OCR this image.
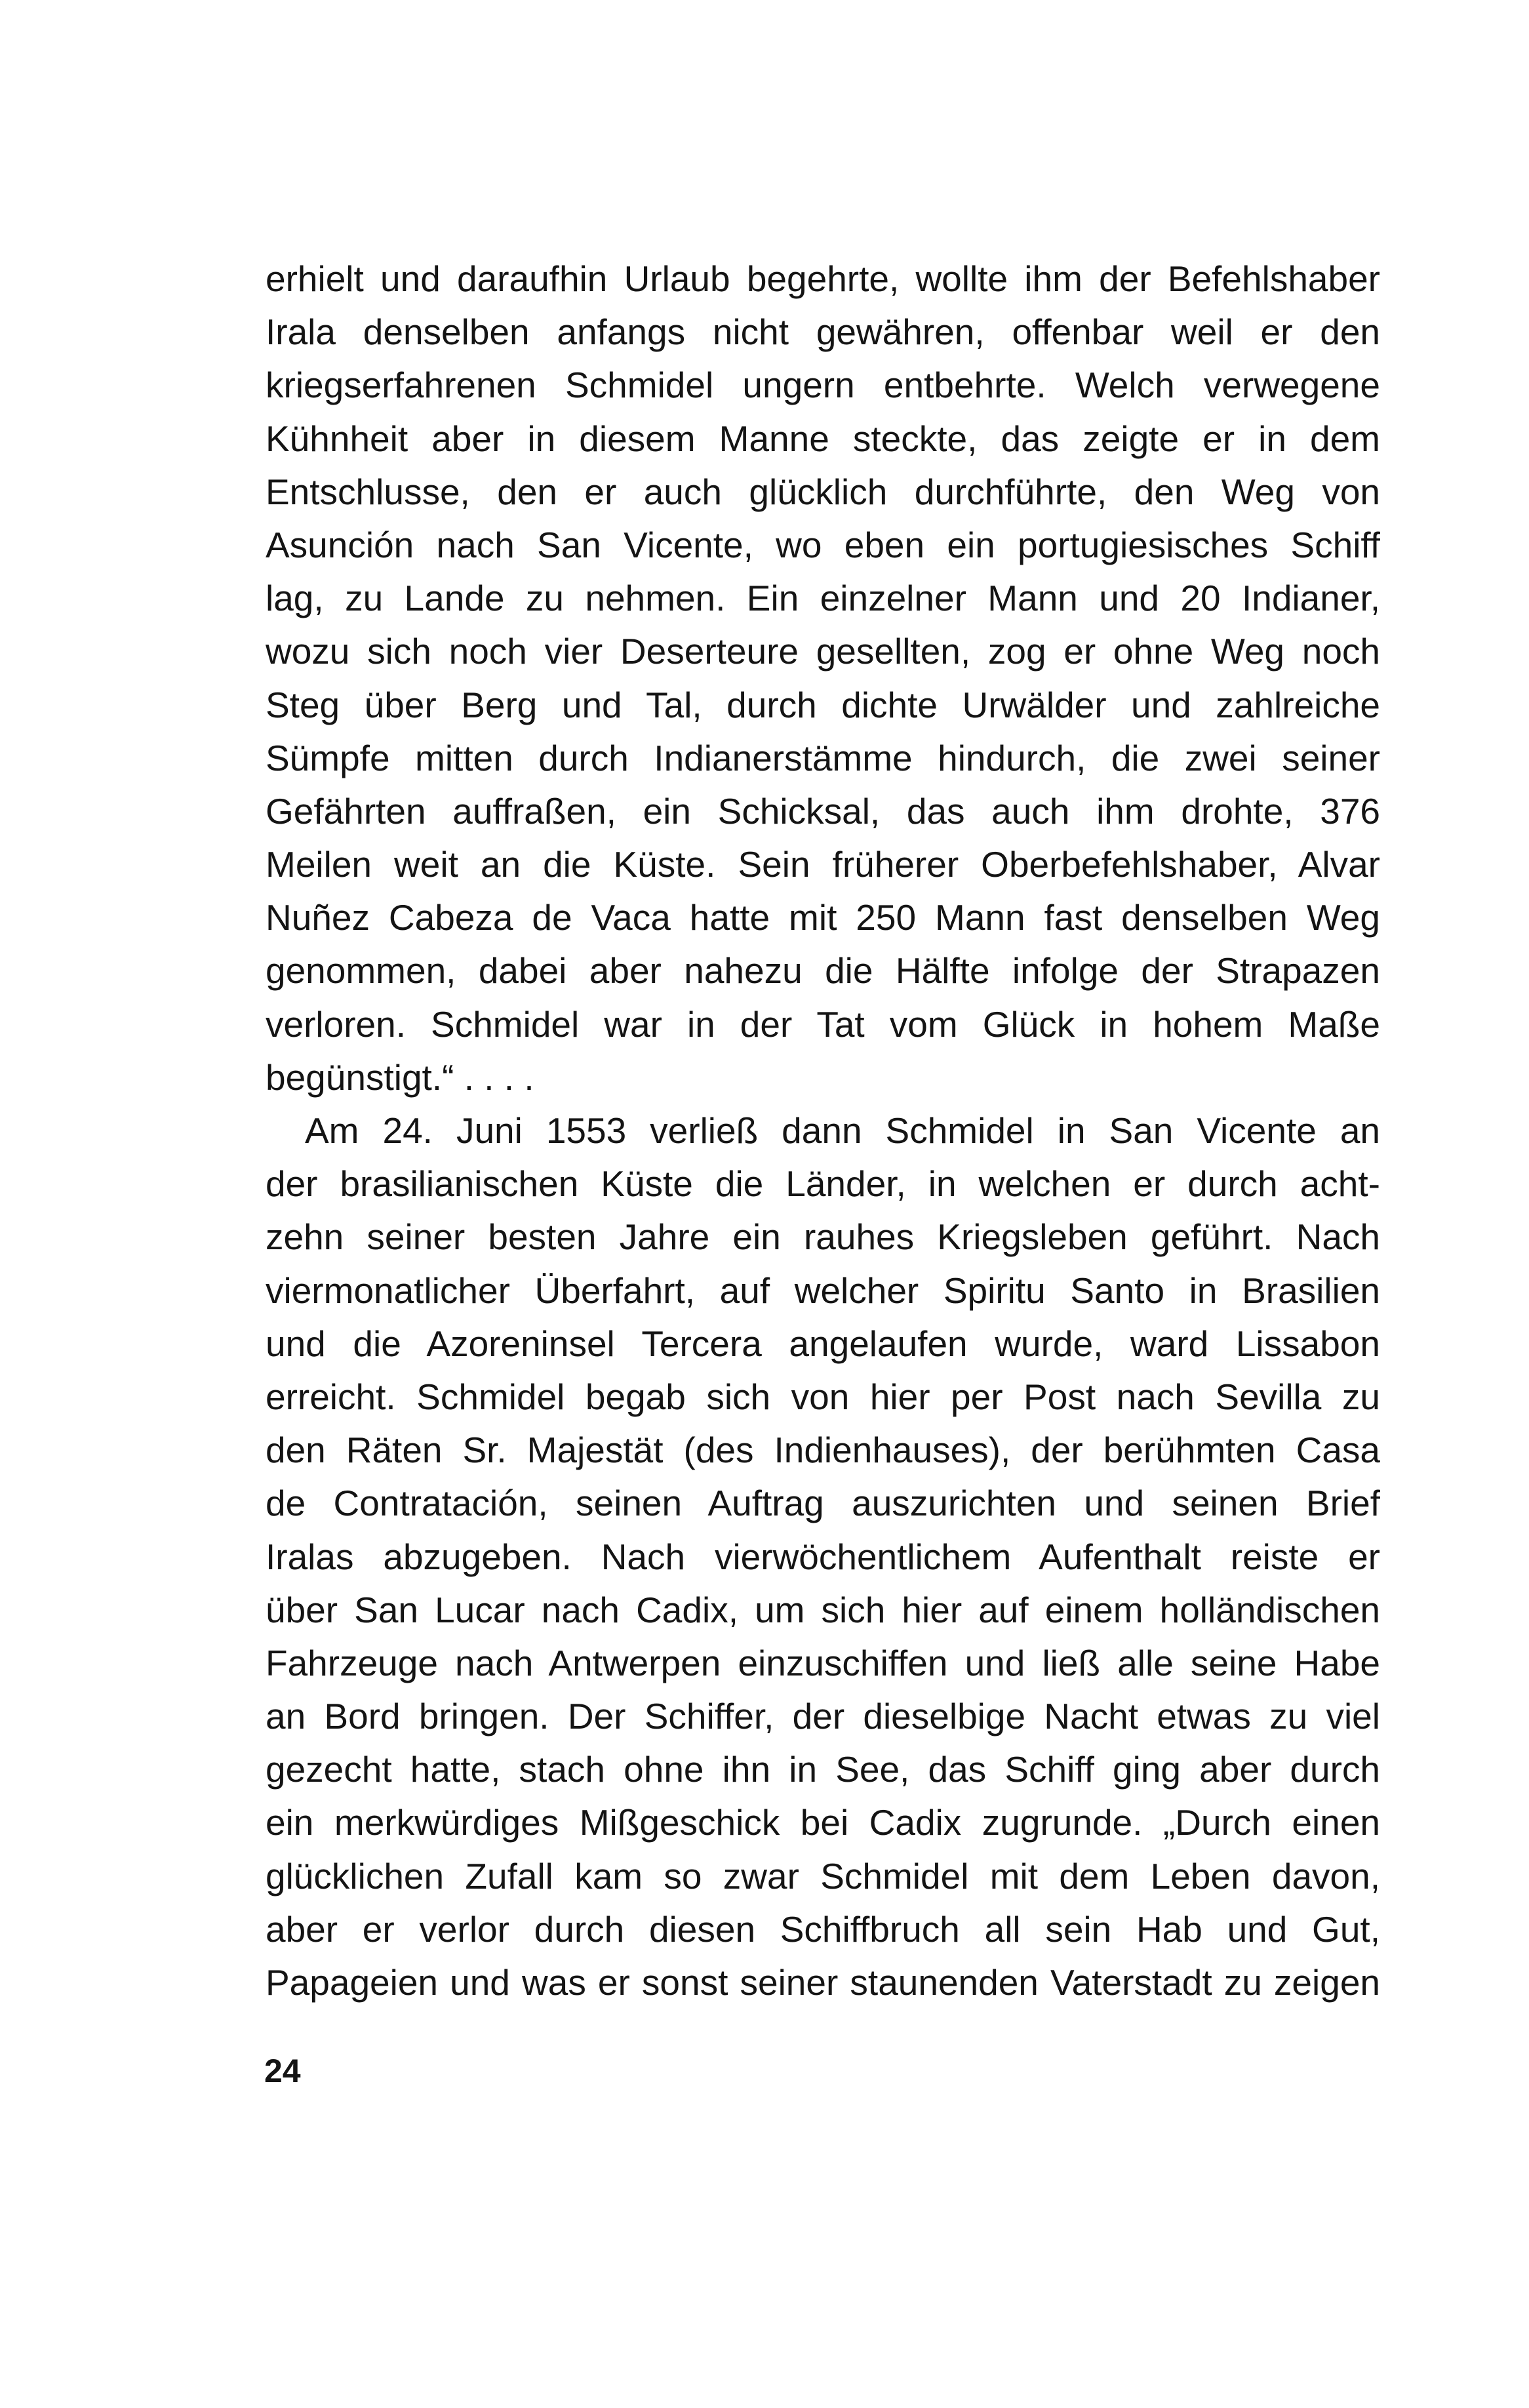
erhielt und daraufhin Urlaub begehrte, wollte ihm der Befehlshaber
Irala denselben anfangs nicht gewähren, offenbar weil er den
kriegserfahrenen Schmidel ungern entbehrte. Welch verwegene
Kühnheit aber in diesem Manne steckte, das zeigte er in dem
Entschlusse, den er auch glücklich durchführte, den Weg von
Asunción nach San Vicente, wo eben ein portugiesisches Schiff
lag, zu Lande zu nehmen. Ein einzelner Mann und 20 Indianer,
wozu sich noch vier Deserteure gesellten, zog er ohne Weg noch
Steg über Berg und Tal, durch dichte Urwälder und zahlreiche
Sümpfe mitten durch Indianerstämme hindurch, die zwei seiner
Gefährten auffraßen, ein Schicksal, das auch ihm drohte, 376
Meilen weit an die Küste. Sein früherer Oberbefehlshaber, Alvar
Nuñez Cabeza de Vaca hatte mit 250 Mann fast denselben Weg
genommen, dabei aber nahezu die Hälfte infolge der Strapazen
verloren. Schmidel war in der Tat vom Glück in hohem Maße
begünstigt.“ . . . .
Am 24. Juni 1553 verließ dann Schmidel in San Vicente an
der brasilianischen Küste die Länder, in welchen er durch acht-
zehn seiner besten Jahre ein rauhes Kriegsleben geführt. Nach
viermonatlicher Überfahrt, auf welcher Spiritu Santo in Brasilien
und die Azoreninsel Tercera angelaufen wurde, ward Lissabon
erreicht. Schmidel begab sich von hier per Post nach Sevilla zu
den Räten Sr. Majestät (des Indienhauses), der berühmten Casa
de Contratación, seinen Auftrag auszurichten und seinen Brief
Iralas abzugeben. Nach vierwöchentlichem Aufenthalt reiste er
über San Lucar nach Cadix, um sich hier auf einem holländischen
Fahrzeuge nach Antwerpen einzuschiffen und ließ alle seine Habe
an Bord bringen. Der Schiffer, der dieselbige Nacht etwas zu viel
gezecht hatte, stach ohne ihn in See, das Schiff ging aber durch
ein merkwürdiges Mißgeschick bei Cadix zugrunde. „Durch einen
glücklichen Zufall kam so zwar Schmidel mit dem Leben davon,
aber er verlor durch diesen Schiffbruch all sein Hab und Gut,
Papageien und was er sonst seiner staunenden Vaterstadt zu zeigen
24
